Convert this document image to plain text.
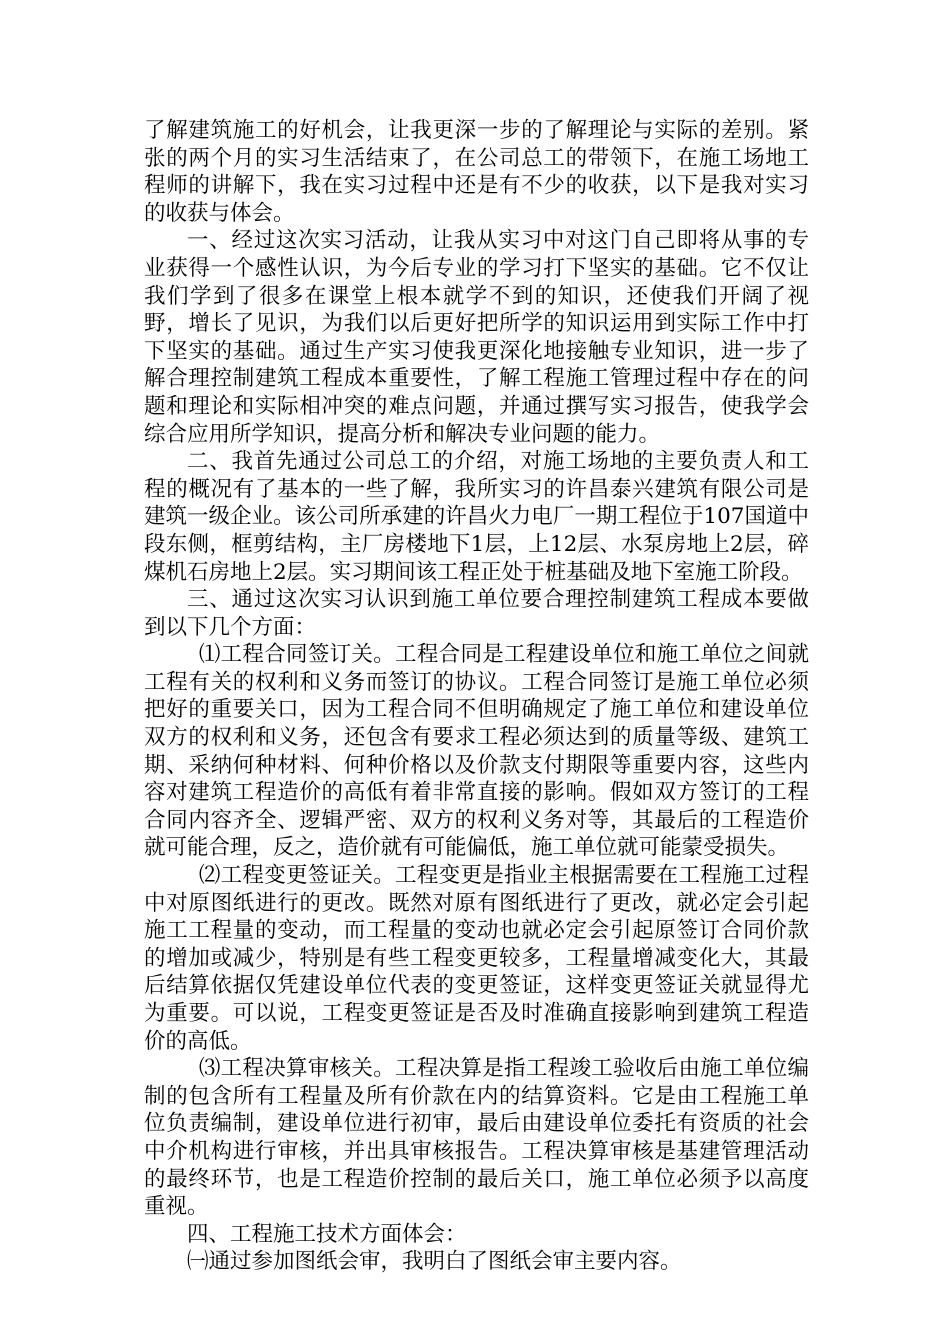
了解建筑施工的好机会，让我更深一步的了解理论与实际的差别。紧张的两个月的实习生活结束了，在公司总工的带领下，在施工场地工程师的讲解下，我在实习过程中还是有不少的收获，以下是我对实习的收获与体会。

一、经过这次实习活动，让我从实习中对这门自己即将从事的专业获得一个感性认识，为今后专业的学习打下坚实的基础。它不仅让我们学到了很多在课堂上根本就学不到的知识，还使我们开阔了视野，增长了见识，为我们以后更好把所学的知识运用到实际工作中打下坚实的基础。通过生产实习使我更深化地接触专业知识，进一步了解合理控制建筑工程成本重要性，了解工程施工管理过程中存在的问题和理论和实际相冲突的难点问题，并通过撰写实习报告，使我学会综合应用所学知识，提高分析和解决专业问题的能力。

二、我首先通过公司总工的介绍，对施工场地的主要负责人和工程的概况有了基本的一些了解，我所实习的许昌泰兴建筑有限公司是建筑一级企业。该公司所承建的许昌火力电厂一期工程位于107国道中段东侧，框剪结构，主厂房楼地下1层，上12层、水泵房地上2层，碎煤机石房地上2层。实习期间该工程正处于桩基础及地下室施工阶段。

三、通过这次实习认识到施工单位要合理控制建筑工程成本要做到以下几个方面：

⑴工程合同签订关。工程合同是工程建设单位和施工单位之间就工程有关的权利和义务而签订的协议。工程合同签订是施工单位必须把好的重要关口，因为工程合同不但明确规定了施工单位和建设单位双方的权利和义务，还包含有要求工程必须达到的质量等级、建筑工期、采纳何种材料、何种价格以及价款支付期限等重要内容，这些内容对建筑工程造价的高低有着非常直接的影响。假如双方签订的工程合同内容齐全、逻辑严密、双方的权利义务对等，其最后的工程造价就可能合理，反之，造价就有可能偏低，施工单位就可能蒙受损失。

⑵工程变更签证关。工程变更是指业主根据需要在工程施工过程中对原图纸进行的更改。既然对原有图纸进行了更改，就必定会引起施工工程量的变动，而工程量的变动也就必定会引起原签订合同价款的增加或减少，特别是有些工程变更较多，工程量增减变化大，其最后结算依据仅凭建设单位代表的变更签证，这样变更签证关就显得尤为重要。可以说，工程变更签证是否及时准确直接影响到建筑工程造价的高低。

⑶工程决算审核关。工程决算是指工程竣工验收后由施工单位编制的包含所有工程量及所有价款在内的结算资料。它是由工程施工单位负责编制，建设单位进行初审，最后由建设单位委托有资质的社会中介机构进行审核，并出具审核报告。工程决算审核是基建管理活动的最终环节，也是工程造价控制的最后关口，施工单位必须予以高度重视。

四、工程施工技术方面体会：

㈠通过参加图纸会审，我明白了图纸会审主要内容。
